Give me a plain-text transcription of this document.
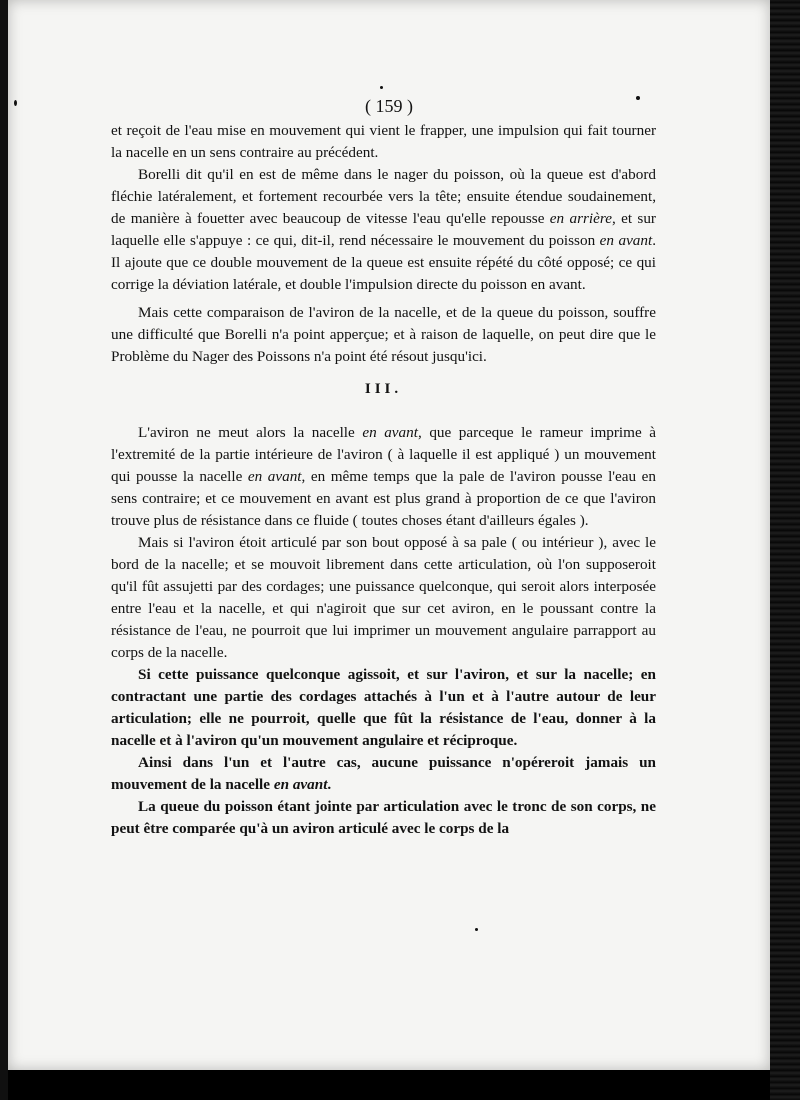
( 159 )

et reçoit de l'eau mise en mouvement qui vient le frapper, une impulsion qui fait tourner la nacelle en un sens contraire au précédent.

Borelli dit qu'il en est de même dans le nager du poisson, où la queue est d'abord fléchie latéralement, et fortement recourbée vers la tête; ensuite étendue soudainement, de manière à fouetter avec beaucoup de vitesse l'eau qu'elle repousse en arrière, et sur laquelle elle s'appuye : ce qui, dit-il, rend nécessaire le mouvement du poisson en avant. Il ajoute que ce double mouvement de la queue est ensuite répété du côté opposé; ce qui corrige la déviation latérale, et double l'impulsion directe du poisson en avant.

Mais cette comparaison de l'aviron de la nacelle, et de la queue du poisson, souffre une difficulté que Borelli n'a point apperçue; et à raison de laquelle, on peut dire que le Problème du Nager des Poissons n'a point été résout jusqu'ici.

III.

L'aviron ne meut alors la nacelle en avant, que parceque le rameur imprime à l'extremité de la partie intérieure de l'aviron ( à laquelle il est appliqué ) un mouvement qui pousse la nacelle en avant, en même temps que la pale de l'aviron pousse l'eau en sens contraire; et ce mouvement en avant est plus grand à proportion de ce que l'aviron trouve plus de résistance dans ce fluide ( toutes choses étant d'ailleurs égales ).

Mais si l'aviron étoit articulé par son bout opposé à sa pale ( ou intérieur ), avec le bord de la nacelle; et se mouvoit librement dans cette articulation, où l'on supposeroit qu'il fût assujetti par des cordages; une puissance quelconque, qui seroit alors interposée entre l'eau et la nacelle, et qui n'agiroit que sur cet aviron, en le poussant contre la résistance de l'eau, ne pourroit que lui imprimer un mouvement angulaire parrapport au corps de la nacelle.

Si cette puissance quelconque agissoit, et sur l'aviron, et sur la nacelle; en contractant une partie des cordages attachés à l'un et à l'autre autour de leur articulation; elle ne pourroit, quelle que fût la résistance de l'eau, donner à la nacelle et à l'aviron qu'un mouvement angulaire et réciproque.

Ainsi dans l'un et l'autre cas, aucune puissance n'opéreroit jamais un mouvement de la nacelle en avant.

La queue du poisson étant jointe par articulation avec le tronc de son corps, ne peut être comparée qu'à un aviron articulé avec le corps de la
